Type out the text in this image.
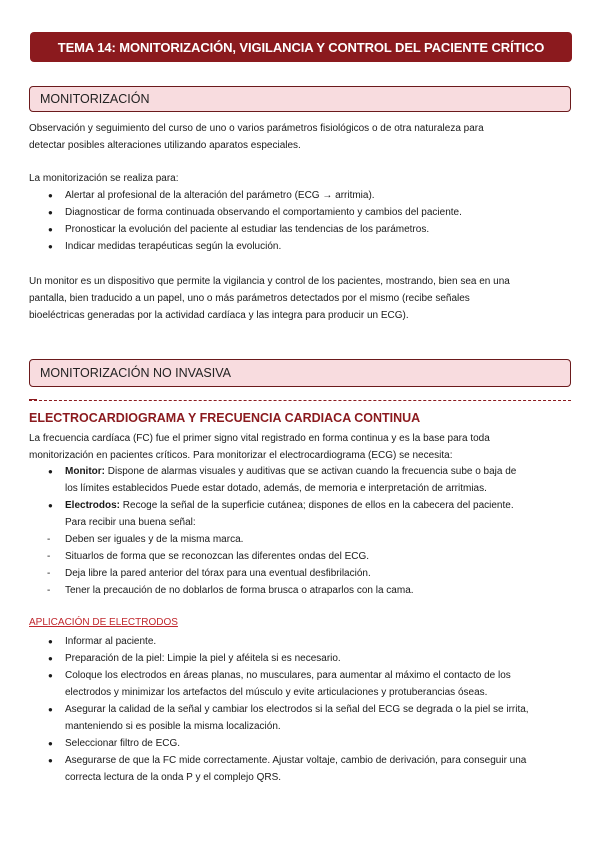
TEMA 14: MONITORIZACIÓN, VIGILANCIA Y CONTROL DEL PACIENTE CRÍTICO
MONITORIZACIÓN

Observación y seguimiento del curso de uno o varios parámetros fisiológicos o de otra naturaleza para
detectar posibles alteraciones utilizando aparatos especiales.

La monitorización se realiza para:

● Alertar al profesional de la alteración del parámetro (ECG → arritmia).
● Diagnosticar de forma continuada observando el comportamiento y cambios del paciente.
● Pronosticar la evolución del paciente al estudiar las tendencias de los parámetros.
● Indicar medidas terapéuticas según la evolución.

Un monitor es un dispositivo que permite la vigilancia y control de los pacientes, mostrando, bien sea en una
pantalla, bien traducido a un papel, uno o más parámetros detectados por el mismo (recibe señales
bioeléctricas generadas por la actividad cardíaca y las integra para producir un ECG).

MONITORIZACIÓN NO INVASIVA
ELECTROCARDIOGRAMA Y FRECUENCIA CARDIACA CONTINUA

La frecuencia cardíaca (FC) fue el primer signo vital registrado en forma continua y es la base para toda
monitorización en pacientes críticos. Para monitorizar el electrocardiograma (ECG) se necesita:

● Monitor: Dispone de alarmas visuales y auditivas que se activan cuando la frecuencia sube o baja de
los límites establecidos Puede estar dotado, además, de memoria e interpretación de arritmias.
● Electrodos: Recoge la señal de la superficie cutánea; dispones de ellos en la cabecera del paciente.
Para recibir una buena señal:
- Deben ser iguales y de la misma marca.
- Situarlos de forma que se reconozcan las diferentes ondas del ECG.
- Deja libre la pared anterior del tórax para una eventual desfibrilación.
- Tener la precaución de no doblarlos de forma brusca o atraparlos con la cama.
APLICACIÓN DE ELECTRODOS
● Informar al paciente.
● Preparación de la piel: Limpie la piel y aféitela si es necesario.
● Coloque los electrodos en áreas planas, no musculares, para aumentar al máximo el contacto de los
electrodos y minimizar los artefactos del músculo y evite articulaciones y protuberancias óseas.
● Asegurar la calidad de la señal y cambiar los electrodos si la señal del ECG se degrada o la piel se irrita,
manteniendo si es posible la misma localización.
● Seleccionar filtro de ECG.
● Asegurarse de que la FC mide correctamente. Ajustar voltaje, cambio de derivación, para conseguir una
correcta lectura de la onda P y el complejo QRS.
